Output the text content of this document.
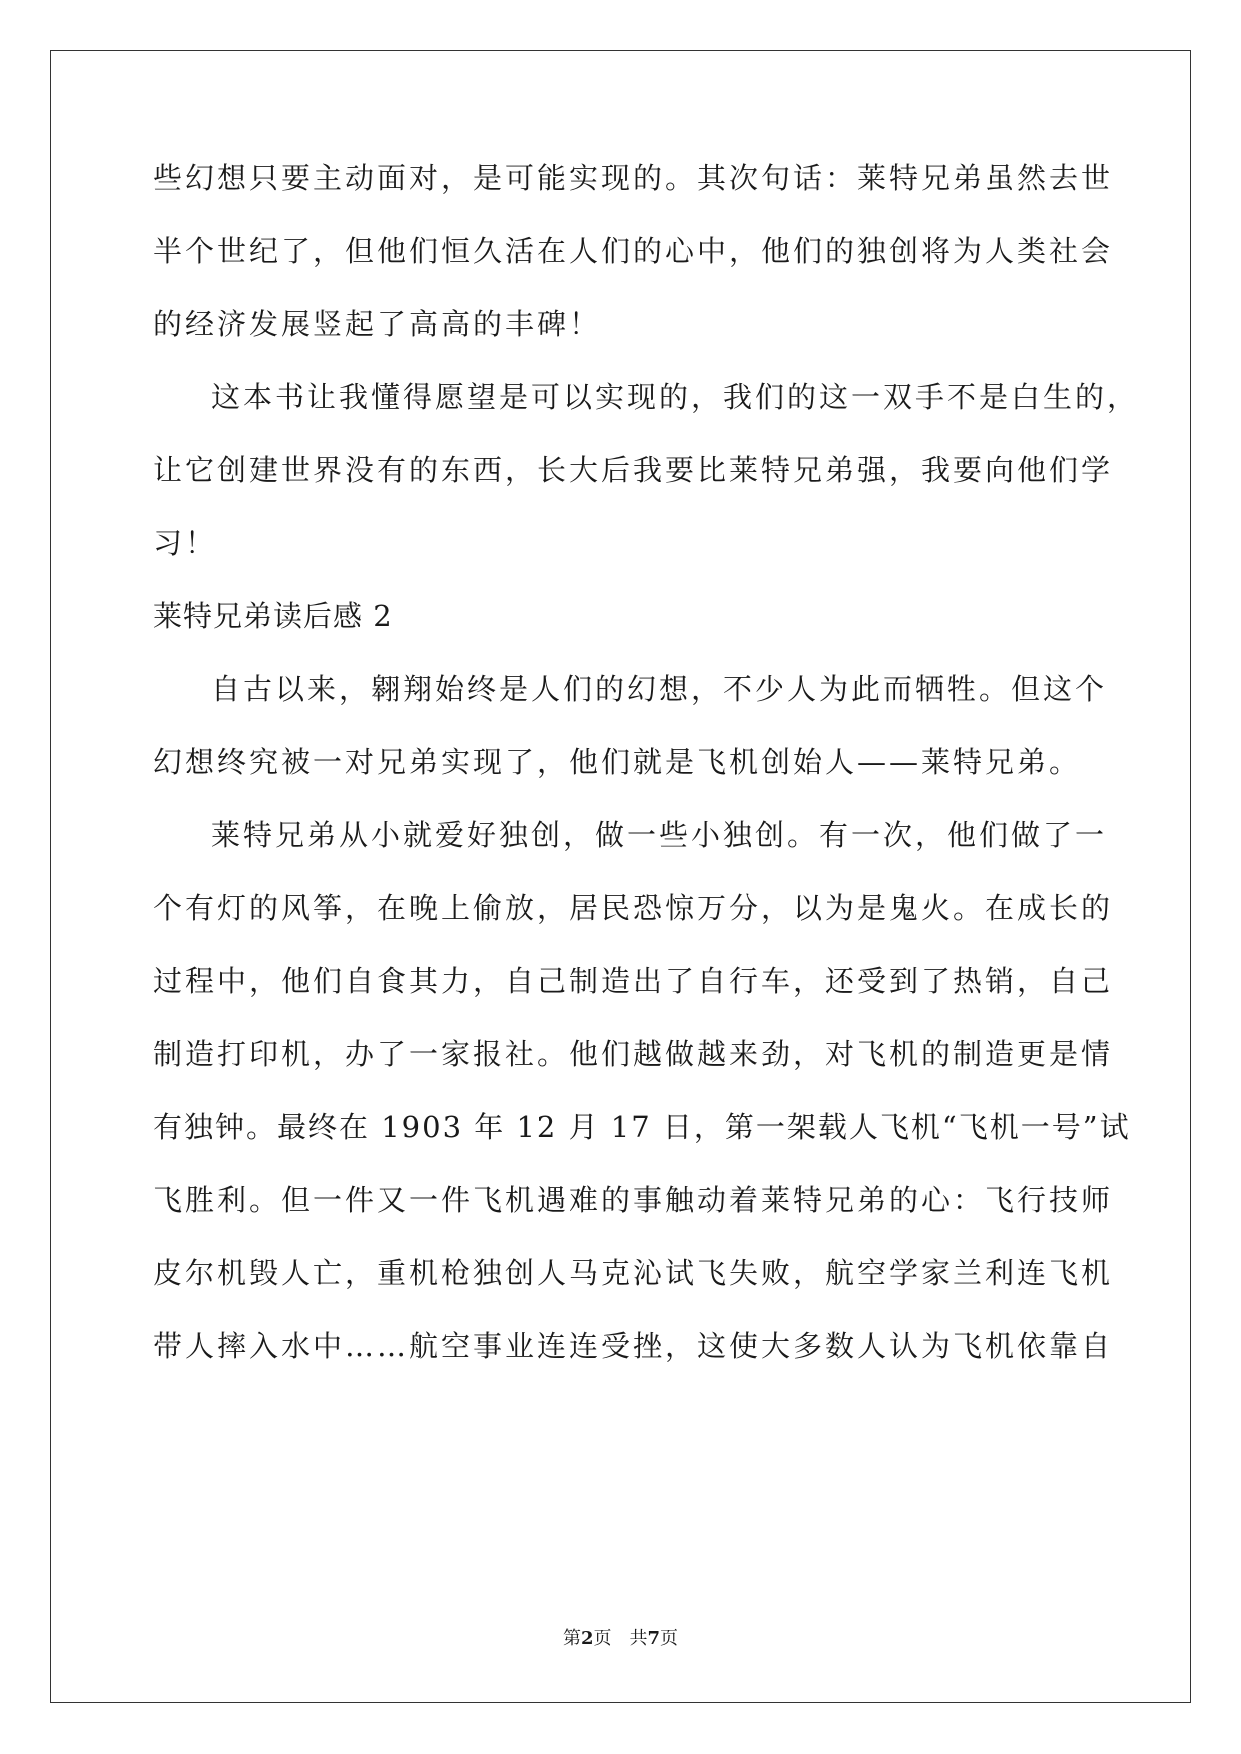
些幻想只要主动面对，是可能实现的。其次句话：莱特兄弟虽然去世
半个世纪了，但他们恒久活在人们的心中，他们的独创将为人类社会
的经济发展竖起了高高的丰碑！
这本书让我懂得愿望是可以实现的，我们的这一双手不是白生的，
让它创建世界没有的东西，长大后我要比莱特兄弟强，我要向他们学
习！
莱特兄弟读后感 2
自古以来，翱翔始终是人们的幻想，不少人为此而牺牲。但这个
幻想终究被一对兄弟实现了，他们就是飞机创始人——莱特兄弟。
莱特兄弟从小就爱好独创，做一些小独创。有一次，他们做了一
个有灯的风筝，在晚上偷放，居民恐惊万分，以为是鬼火。在成长的
过程中，他们自食其力，自己制造出了自行车，还受到了热销，自己
制造打印机，办了一家报社。他们越做越来劲，对飞机的制造更是情
有独钟。最终在 1903 年 12 月 17 日，第一架载人飞机“飞机一号”试
飞胜利。但一件又一件飞机遇难的事触动着莱特兄弟的心：飞行技师
皮尔机毁人亡，重机枪独创人马克沁试飞失败，航空学家兰利连飞机
带人摔入水中……航空事业连连受挫，这使大多数人认为飞机依靠自
第2页　共7页
